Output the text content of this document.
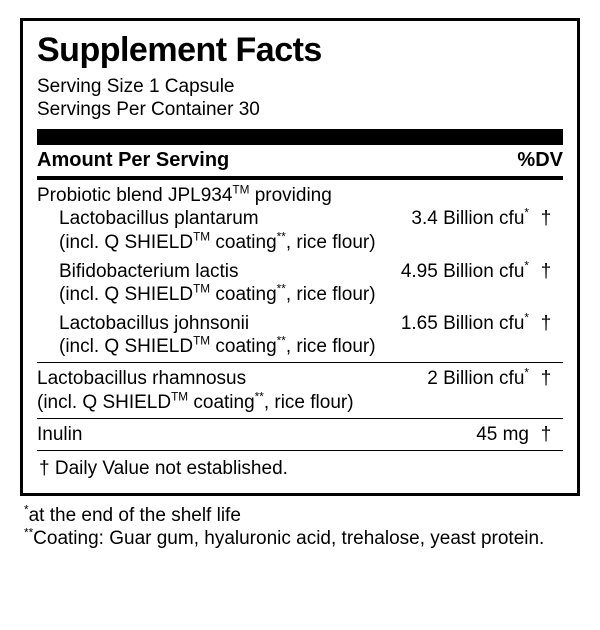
Supplement Facts
Serving Size 1 Capsule
Servings Per Container 30
Amount Per Serving	%DV
Probiotic blend JPL934™ providing
Lactobacillus plantarum	3.4 Billion cfu* †
(incl. Q SHIELD™ coating**, rice flour)
Bifidobacterium lactis	4.95 Billion cfu* †
(incl. Q SHIELD™ coating**, rice flour)
Lactobacillus johnsonii	1.65 Billion cfu* †
(incl. Q SHIELD™ coating**, rice flour)
Lactobacillus rhamnosus	2 Billion cfu* †
(incl. Q SHIELD™ coating**, rice flour)
Inulin	45 mg †
† Daily Value not established.
*at the end of the shelf life
**Coating: Guar gum, hyaluronic acid, trehalose, yeast protein.
